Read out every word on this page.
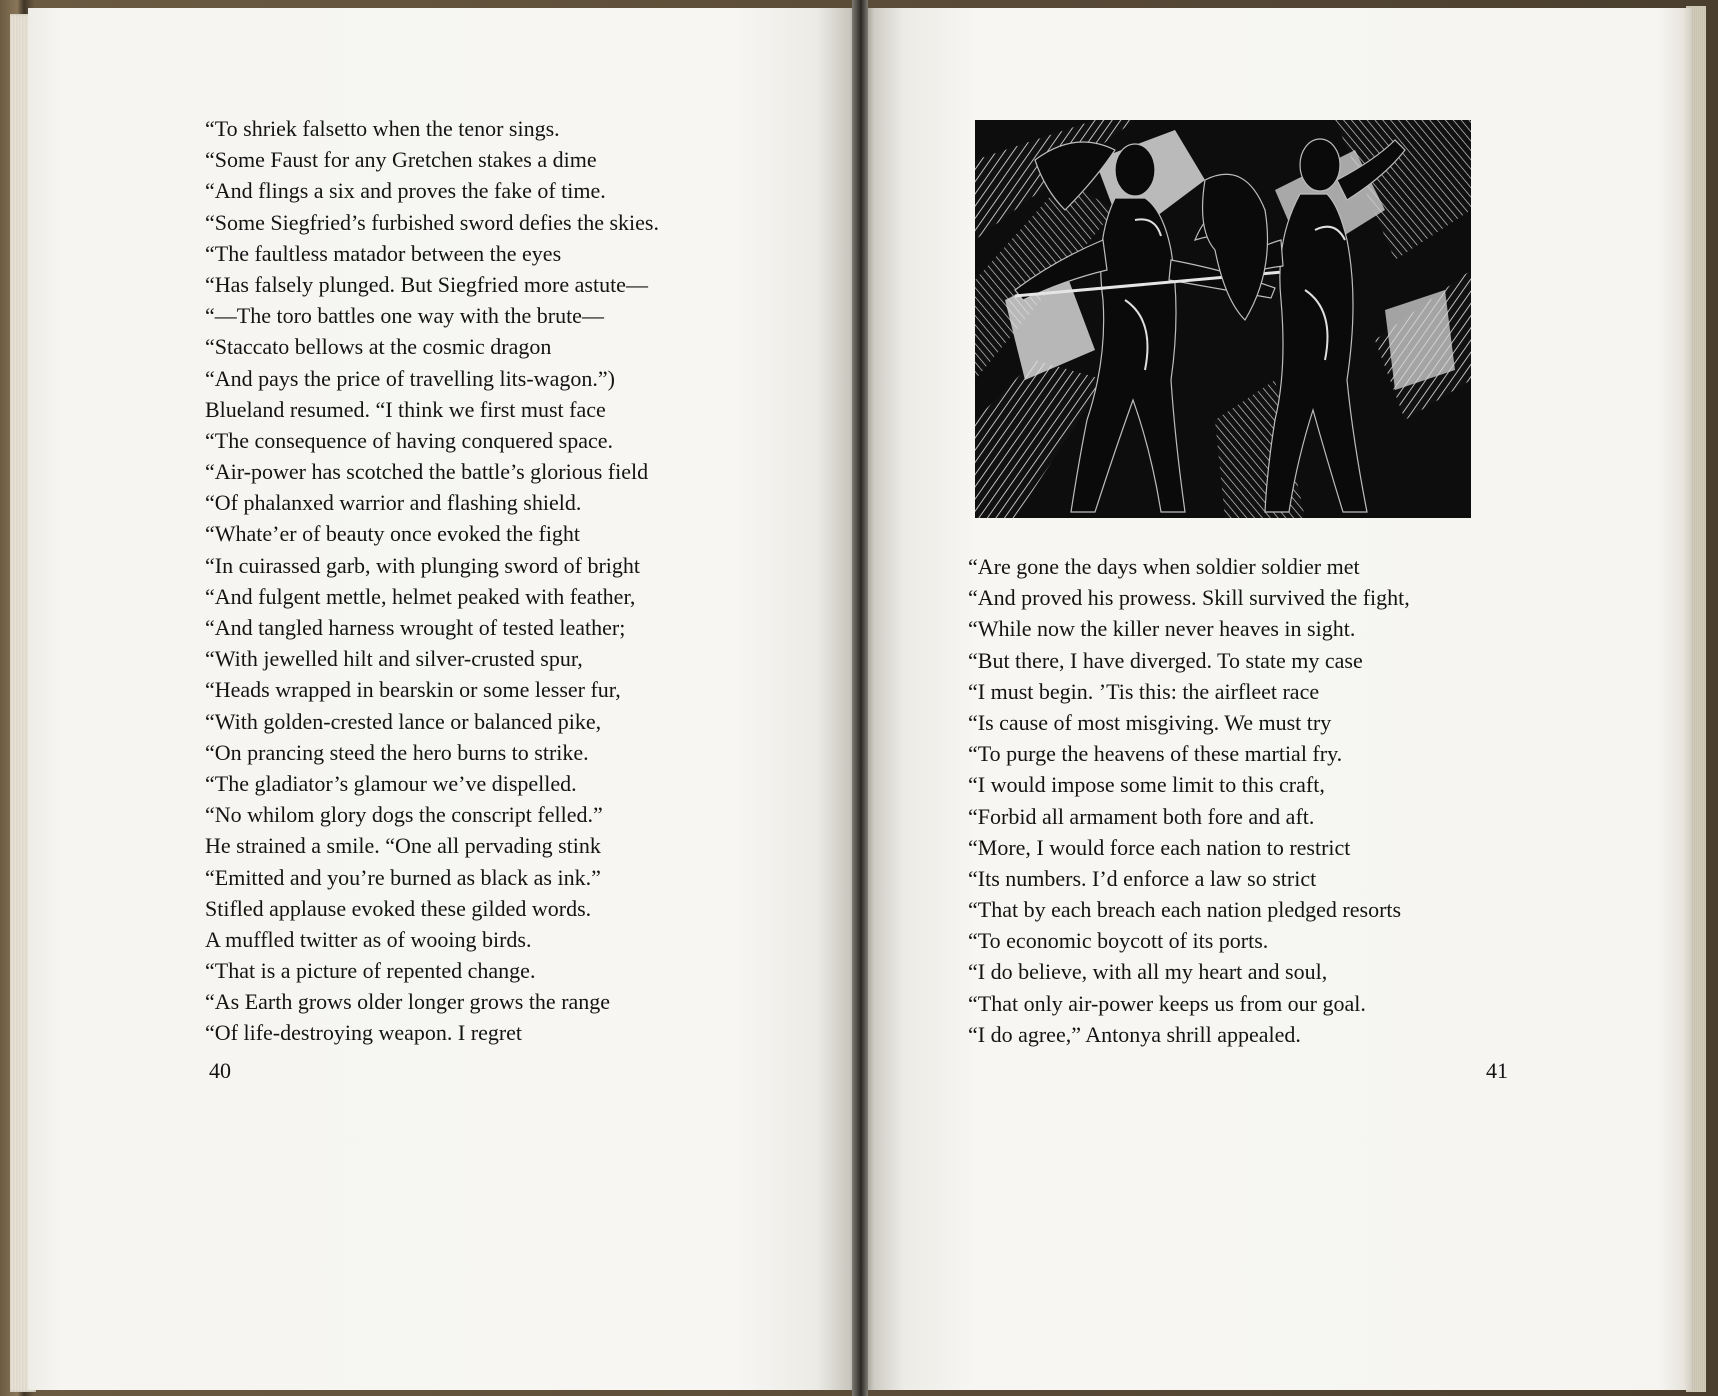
“To shriek falsetto when the tenor sings.
“Some Faust for any Gretchen stakes a dime
“And flings a six and proves the fake of time.
“Some Siegfried’s furbished sword defies the skies.
“The faultless matador between the eyes
“Has falsely plunged. But Siegfried more astute—
“—The toro battles one way with the brute—
“Staccato bellows at the cosmic dragon
“And pays the price of travelling lits-wagon.”)
Blueland resumed. “I think we first must face
“The consequence of having conquered space.
“Air-power has scotched the battle’s glorious field
“Of phalanxed warrior and flashing shield.
“Whate’er of beauty once evoked the fight
“In cuirassed garb, with plunging sword of bright
“And fulgent mettle, helmet peaked with feather,
“And tangled harness wrought of tested leather;
“With jewelled hilt and silver-crusted spur,
“Heads wrapped in bearskin or some lesser fur,
“With golden-crested lance or balanced pike,
“On prancing steed the hero burns to strike.
“The gladiator’s glamour we’ve dispelled.
“No whilom glory dogs the conscript felled.”
He strained a smile. “One all pervading stink
“Emitted and you’re burned as black as ink.”
Stifled applause evoked these gilded words.
A muffled twitter as of wooing birds.
“That is a picture of repented change.
“As Earth grows older longer grows the range
“Of life-destroying weapon. I regret
40
“Are gone the days when soldier soldier met
“And proved his prowess. Skill survived the fight,
“While now the killer never heaves in sight.
“But there, I have diverged. To state my case
“I must begin. ’Tis this: the airfleet race
“Is cause of most misgiving. We must try
“To purge the heavens of these martial fry.
“I would impose some limit to this craft,
“Forbid all armament both fore and aft.
“More, I would force each nation to restrict
“Its numbers. I’d enforce a law so strict
“That by each breach each nation pledged resorts
“To economic boycott of its ports.
“I do believe, with all my heart and soul,
“That only air-power keeps us from our goal.
“I do agree,” Antonya shrill appealed.
41
